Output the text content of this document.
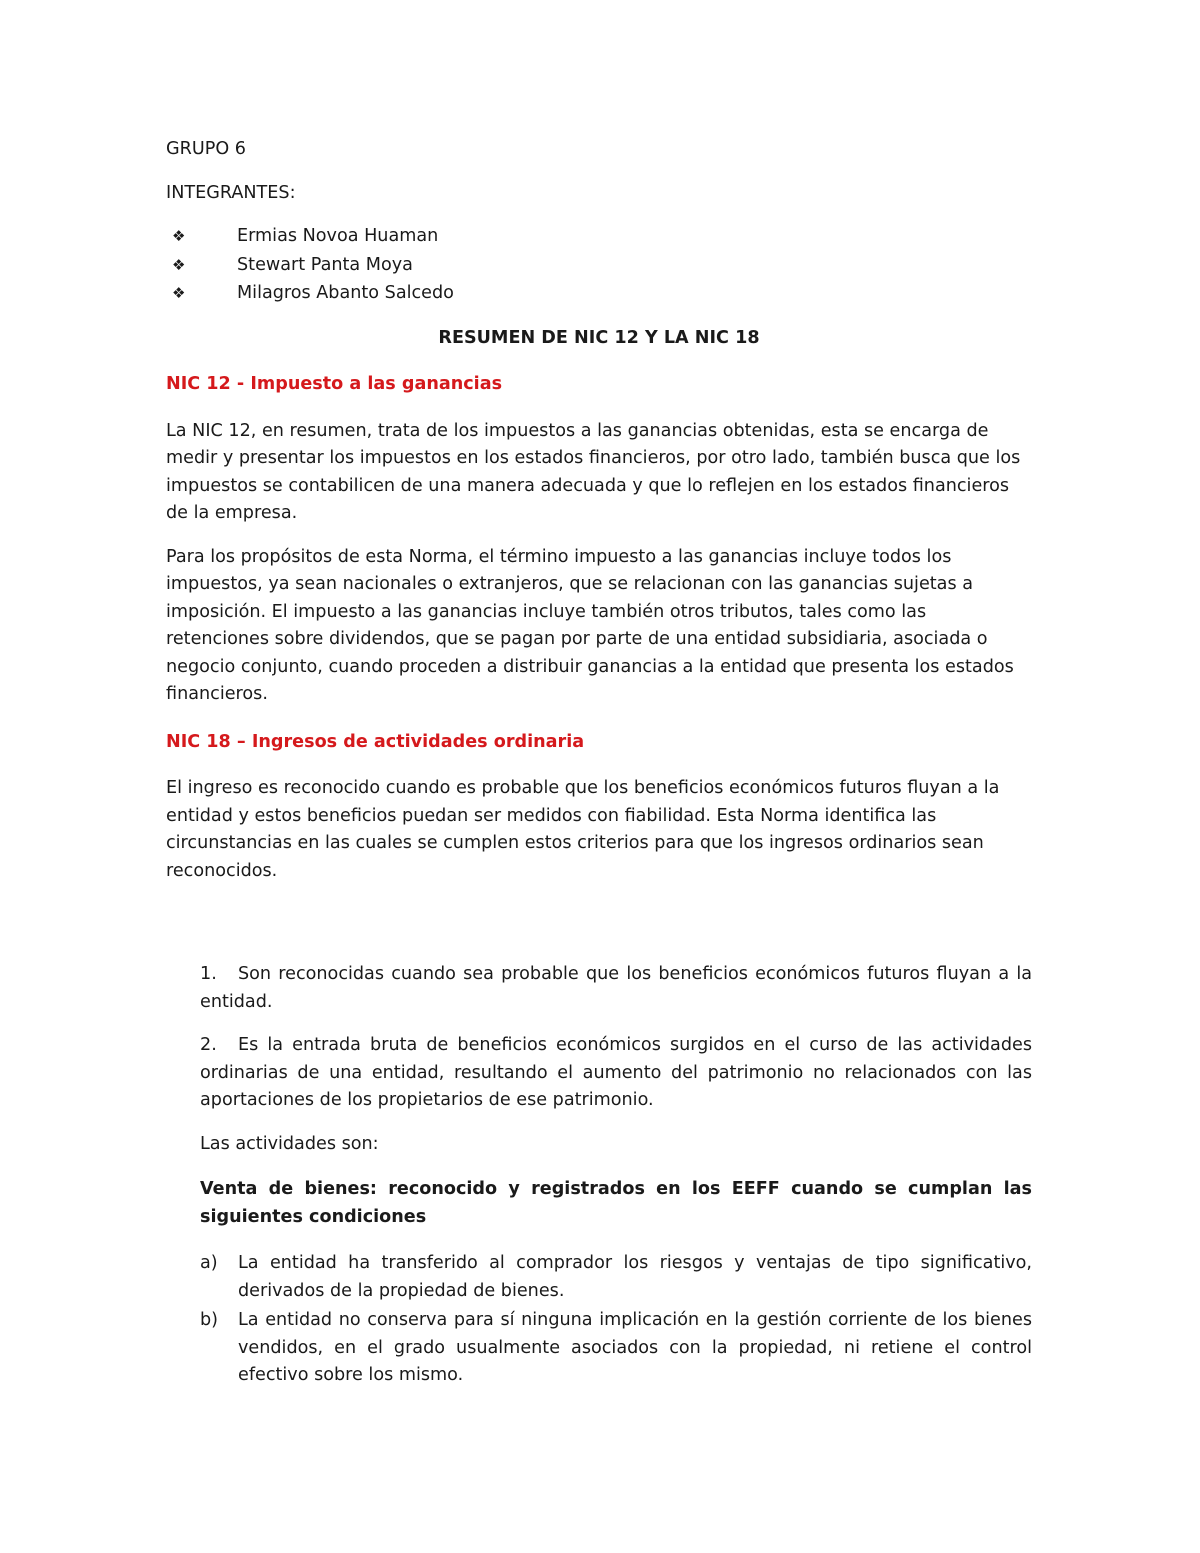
GRUPO 6

INTEGRANTES:

❖	Ermias Novoa Huaman
❖	Stewart Panta Moya
❖	Milagros Abanto Salcedo

RESUMEN DE NIC 12 Y LA NIC 18

NIC 12 - Impuesto a las ganancias

La NIC 12, en resumen, trata de los impuestos a las ganancias obtenidas, esta se encarga de medir y presentar los impuestos en los estados financieros, por otro lado, también busca que los impuestos se contabilicen de una manera adecuada y que lo reflejen en los estados financieros de la empresa.

Para los propósitos de esta Norma, el término impuesto a las ganancias incluye todos los impuestos, ya sean nacionales o extranjeros, que se relacionan con las ganancias sujetas a imposición. El impuesto a las ganancias incluye también otros tributos, tales como las retenciones sobre dividendos, que se pagan por parte de una entidad subsidiaria, asociada o negocio conjunto, cuando proceden a distribuir ganancias a la entidad que presenta los estados financieros.

NIC 18 – Ingresos de actividades ordinaria

El ingreso es reconocido cuando es probable que los beneficios económicos futuros fluyan a la entidad y estos beneficios puedan ser medidos con fiabilidad. Esta Norma identifica las circunstancias en las cuales se cumplen estos criterios para que los ingresos ordinarios sean reconocidos.

1. Son reconocidas cuando sea probable que los beneficios económicos futuros fluyan a la entidad.

2. Es la entrada bruta de beneficios económicos surgidos en el curso de las actividades ordinarias de una entidad, resultando el aumento del patrimonio no relacionados con las aportaciones de los propietarios de ese patrimonio.

Las actividades son:

Venta de bienes: reconocido y registrados en los EEFF cuando se cumplan las siguientes condiciones

a) La entidad ha transferido al comprador los riesgos y ventajas de tipo significativo, derivados de la propiedad de bienes.
b) La entidad no conserva para sí ninguna implicación en la gestión corriente de los bienes vendidos, en el grado usualmente asociados con la propiedad, ni retiene el control efectivo sobre los mismo.
